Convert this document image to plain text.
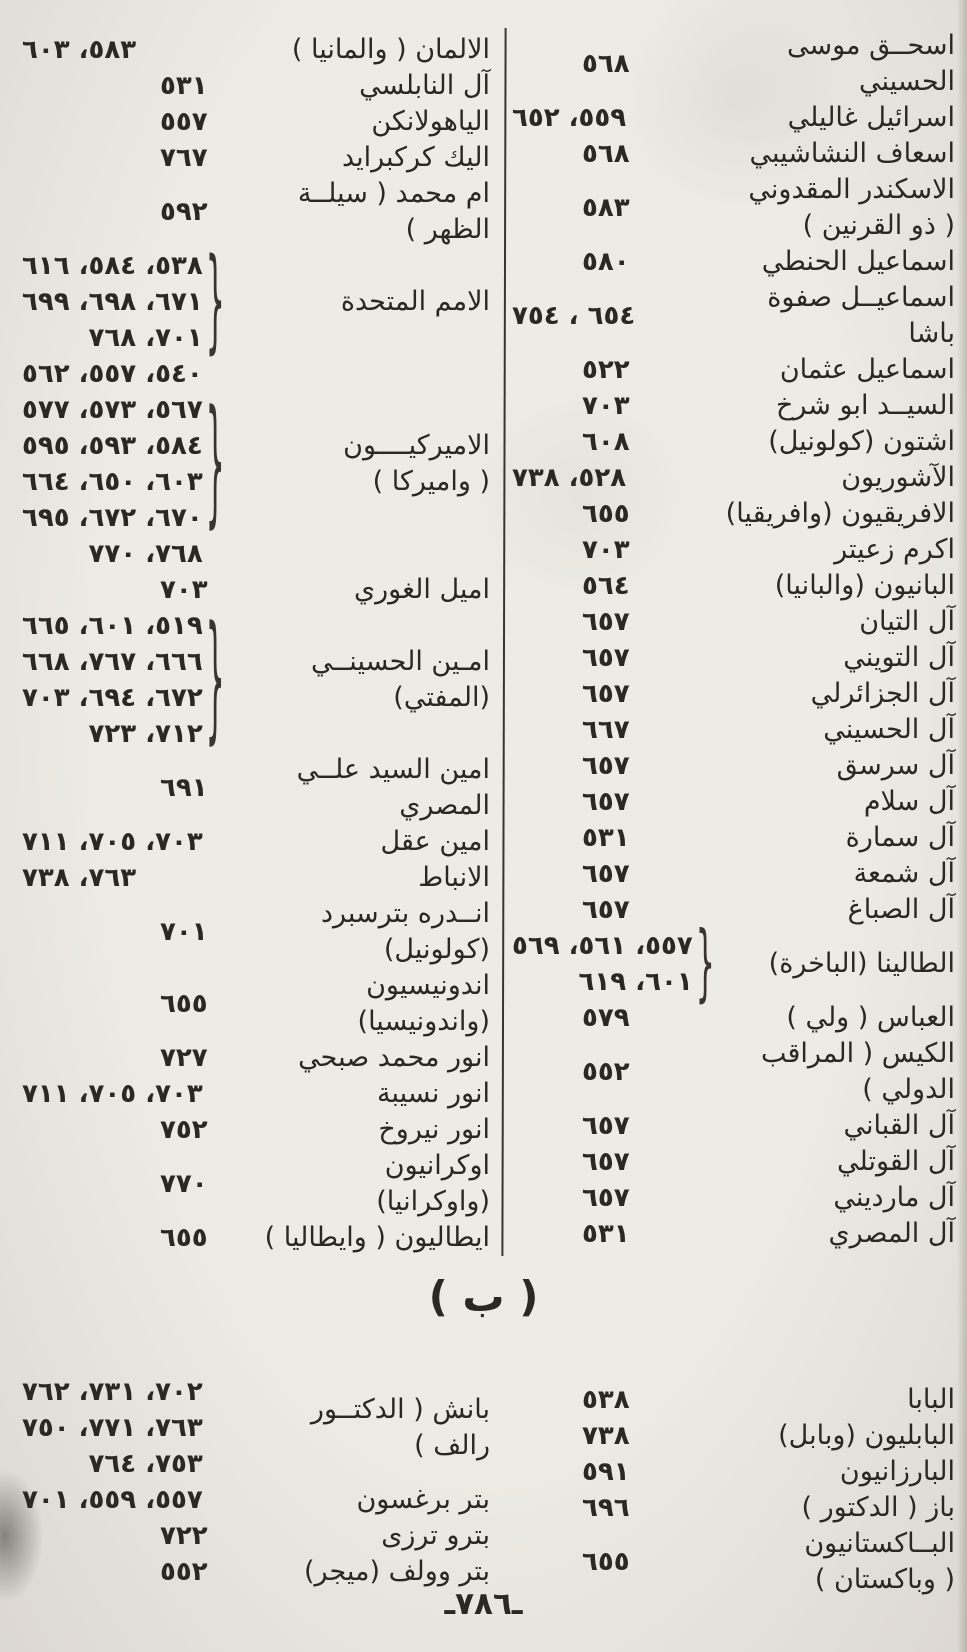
اسحــق موسى
الحسيني
٥٦٨
اسرائيل غاليلي
٥٥٩، ٦٥٢
اسعاف النشاشيبي
٥٦٨
الاسكندر المقدوني
( ذو القرنين )
٥٨٣
اسماعيل الحنطي
٥٨٠
اسماعيــل صفوة
باشا
٦٥٤ ، ٧٥٤
اسماعيل عثمان
٥٢٢
السيــد ابو شرخ
٧٠٣
اشتون (كولونيل)
٦٠٨
الآشوريون
٥٢٨، ٧٣٨
الافريقيون (وافريقيا)
٦٥٥
اكرم زعيتر
٧٠٣
البانيون (والبانيا)
٥٦٤
آل التيان
٦٥٧
آل التويني
٦٥٧
آل الجزائرلي
٦٥٧
آل الحسيني
٦٦٧
آل سرسق
٦٥٧
آل سلام
٦٥٧
آل سمارة
٥٣١
آل شمعة
٦٥٧
آل الصباغ
٦٥٧
الطالينا (الباخرة)
}
٥٥٧، ٥٦١، ٥٦٩
٦٠١، ٦١٩
العباس ( ولي )
٥٧٩
الكيس ( المراقب
الدولي )
٥٥٢
آل القباني
٦٥٧
آل القوتلي
٦٥٧
آل مارديني
٦٥٧
آل المصري
٥٣١
الالمان ( والمانيا )
٥٨٣، ٦٠٣
آل النابلسي
٥٣١
الياهولانكن
٥٥٧
اليك كركبرايد
٧٦٧
ام محمد ( سيلــة
الظهر )
٥٩٢
الامم المتحدة
}
٥٣٨، ٥٨٤، ٦١٦
٦٧١، ٦٩٨، ٦٩٩
٧٠١، ٧٦٨
الاميركيــــون
( واميركا )
}
٥٤٠، ٥٥٧، ٥٦٢
٥٦٧، ٥٧٣، ٥٧٧
٥٨٤، ٥٩٣، ٥٩٥
٦٠٣، ٦٥٠، ٦٦٤
٦٧٠، ٦٧٢، ٦٩٥
٧٦٨، ٧٧٠
اميل الغوري
٧٠٣
امـين الحسينــي
(المفتي)
}
٥١٩، ٦٠١، ٦٦٥
٦٦٦، ٧٦٧، ٦٦٨
٦٧٢، ٦٩٤، ٧٠٣
٧١٢، ٧٢٣
امين السيد علــي
المصري
٦٩١
امين عقل
٧٠٣، ٧٠٥، ٧١١
الانباط
٧٦٣، ٧٣٨
انــدره بترسبرد
(كولونيل)
٧٠١
اندونيسيون
(واندونيسيا)
٦٥٥
انور محمد صبحي
٧٢٧
انور نسيبة
٧٠٣، ٧٠٥، ٧١١
انور نيروخ
٧٥٢
اوكرانيون
(واوكرانيا)
٧٧٠
ايطاليون ( وايطاليا )
٦٥٥
( ب )
البابا
٥٣٨
البابليون (وبابل)
٧٣٨
البارزانيون
٥٩١
باز ( الدكتور )
٦٩٦
البــاكستانيون
( وباكستان )
٦٥٥
بانش ( الدكتــور
رالف )
٧٠٢، ٧٣١، ٧٦٢
٧٦٣، ٧٧١، ٧٥٠
٧٥٣، ٧٦٤
بتر برغسون
٥٥٧، ٥٥٩، ٧٠١
بترو ترزى
٧٢٢
بتر وولف (ميجر)
٥٥٢
ـ٧٨٦ـ
